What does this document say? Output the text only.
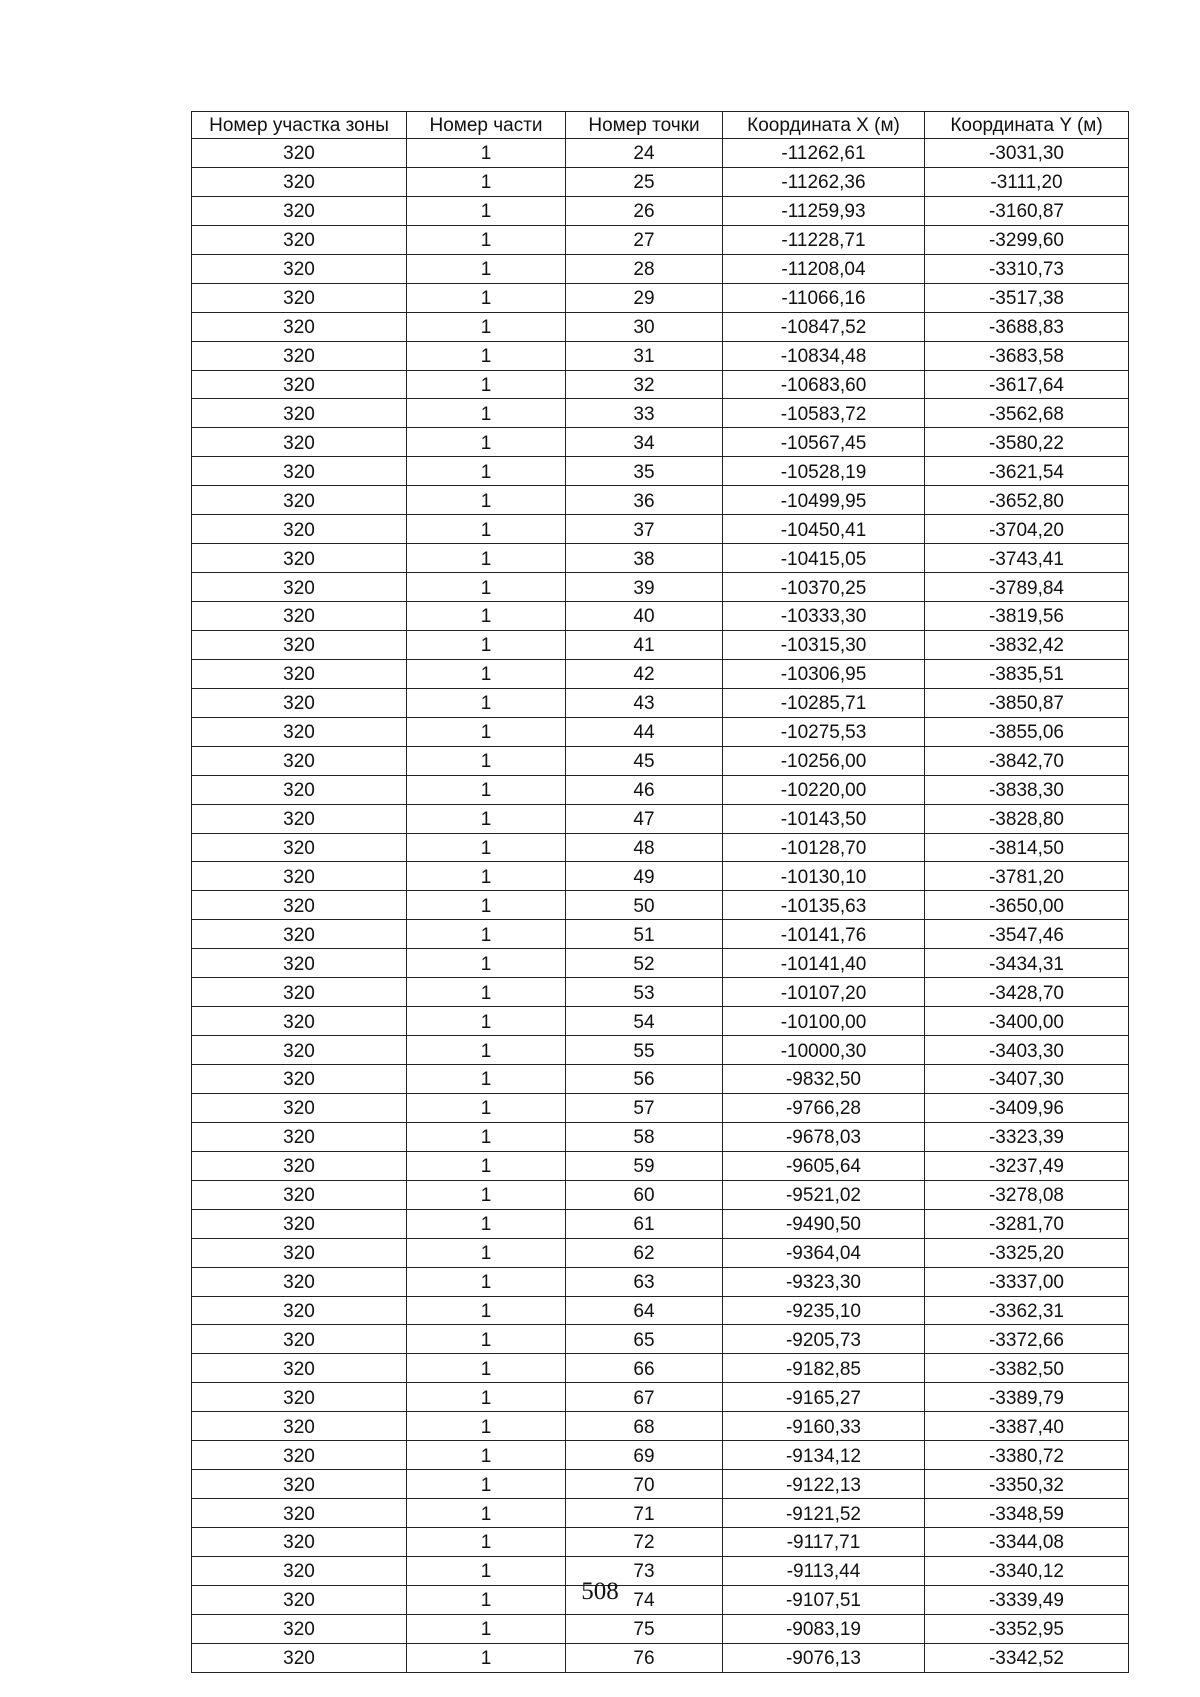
Номер участка зоны	Номер части	Номер точки	Координата X (м)	Координата Y (м)
320	1	24	-11262,61	-3031,30
320	1	25	-11262,36	-3111,20
320	1	26	-11259,93	-3160,87
320	1	27	-11228,71	-3299,60
320	1	28	-11208,04	-3310,73
320	1	29	-11066,16	-3517,38
320	1	30	-10847,52	-3688,83
320	1	31	-10834,48	-3683,58
320	1	32	-10683,60	-3617,64
320	1	33	-10583,72	-3562,68
320	1	34	-10567,45	-3580,22
320	1	35	-10528,19	-3621,54
320	1	36	-10499,95	-3652,80
320	1	37	-10450,41	-3704,20
320	1	38	-10415,05	-3743,41
320	1	39	-10370,25	-3789,84
320	1	40	-10333,30	-3819,56
320	1	41	-10315,30	-3832,42
320	1	42	-10306,95	-3835,51
320	1	43	-10285,71	-3850,87
320	1	44	-10275,53	-3855,06
320	1	45	-10256,00	-3842,70
320	1	46	-10220,00	-3838,30
320	1	47	-10143,50	-3828,80
320	1	48	-10128,70	-3814,50
320	1	49	-10130,10	-3781,20
320	1	50	-10135,63	-3650,00
320	1	51	-10141,76	-3547,46
320	1	52	-10141,40	-3434,31
320	1	53	-10107,20	-3428,70
320	1	54	-10100,00	-3400,00
320	1	55	-10000,30	-3403,30
320	1	56	-9832,50	-3407,30
320	1	57	-9766,28	-3409,96
320	1	58	-9678,03	-3323,39
320	1	59	-9605,64	-3237,49
320	1	60	-9521,02	-3278,08
320	1	61	-9490,50	-3281,70
320	1	62	-9364,04	-3325,20
320	1	63	-9323,30	-3337,00
320	1	64	-9235,10	-3362,31
320	1	65	-9205,73	-3372,66
320	1	66	-9182,85	-3382,50
320	1	67	-9165,27	-3389,79
320	1	68	-9160,33	-3387,40
320	1	69	-9134,12	-3380,72
320	1	70	-9122,13	-3350,32
320	1	71	-9121,52	-3348,59
320	1	72	-9117,71	-3344,08
320	1	73	-9113,44	-3340,12
320	1	74	-9107,51	-3339,49
320	1	75	-9083,19	-3352,95
320	1	76	-9076,13	-3342,52
508
